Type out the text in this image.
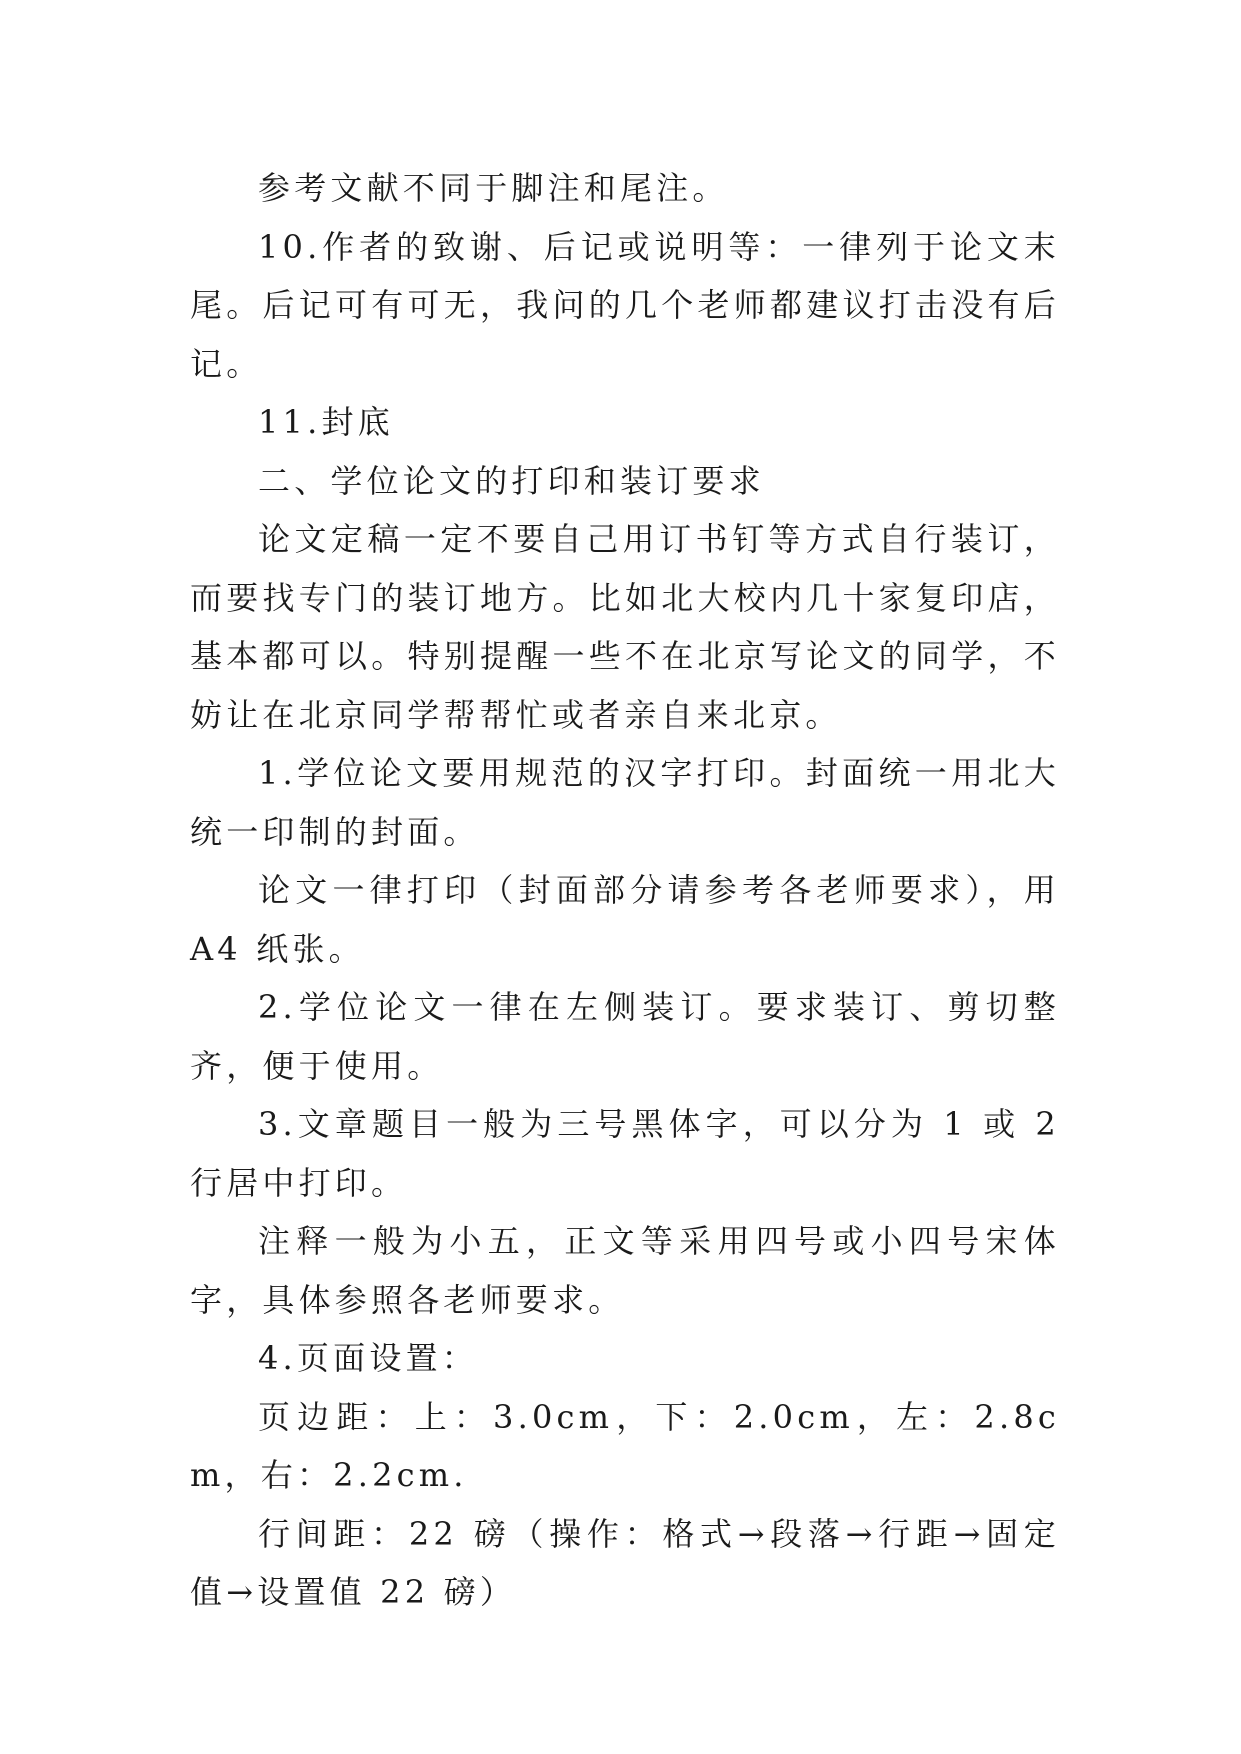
参考文献不同于脚注和尾注。

10.作者的致谢、后记或说明等：一律列于论文末尾。后记可有可无，我问的几个老师都建议打击没有后记。

11.封底

二、学位论文的打印和装订要求

论文定稿一定不要自己用订书钉等方式自行装订，而要找专门的装订地方。比如北大校内几十家复印店，基本都可以。特别提醒一些不在北京写论文的同学，不妨让在北京同学帮帮忙或者亲自来北京。

1.学位论文要用规范的汉字打印。封面统一用北大统一印制的封面。

论文一律打印（封面部分请参考各老师要求），用 A4 纸张。

2.学位论文一律在左侧装订。要求装订、剪切整齐，便于使用。

3.文章题目一般为三号黑体字，可以分为 1 或 2 行居中打印。

注释一般为小五，正文等采用四号或小四号宋体字，具体参照各老师要求。

4.页面设置：

页边距：上：3.0cm，下：2.0cm，左：2.8cm，右：2.2cm.

行间距：22 磅（操作：格式→段落→行距→固定值→设置值 22 磅）
